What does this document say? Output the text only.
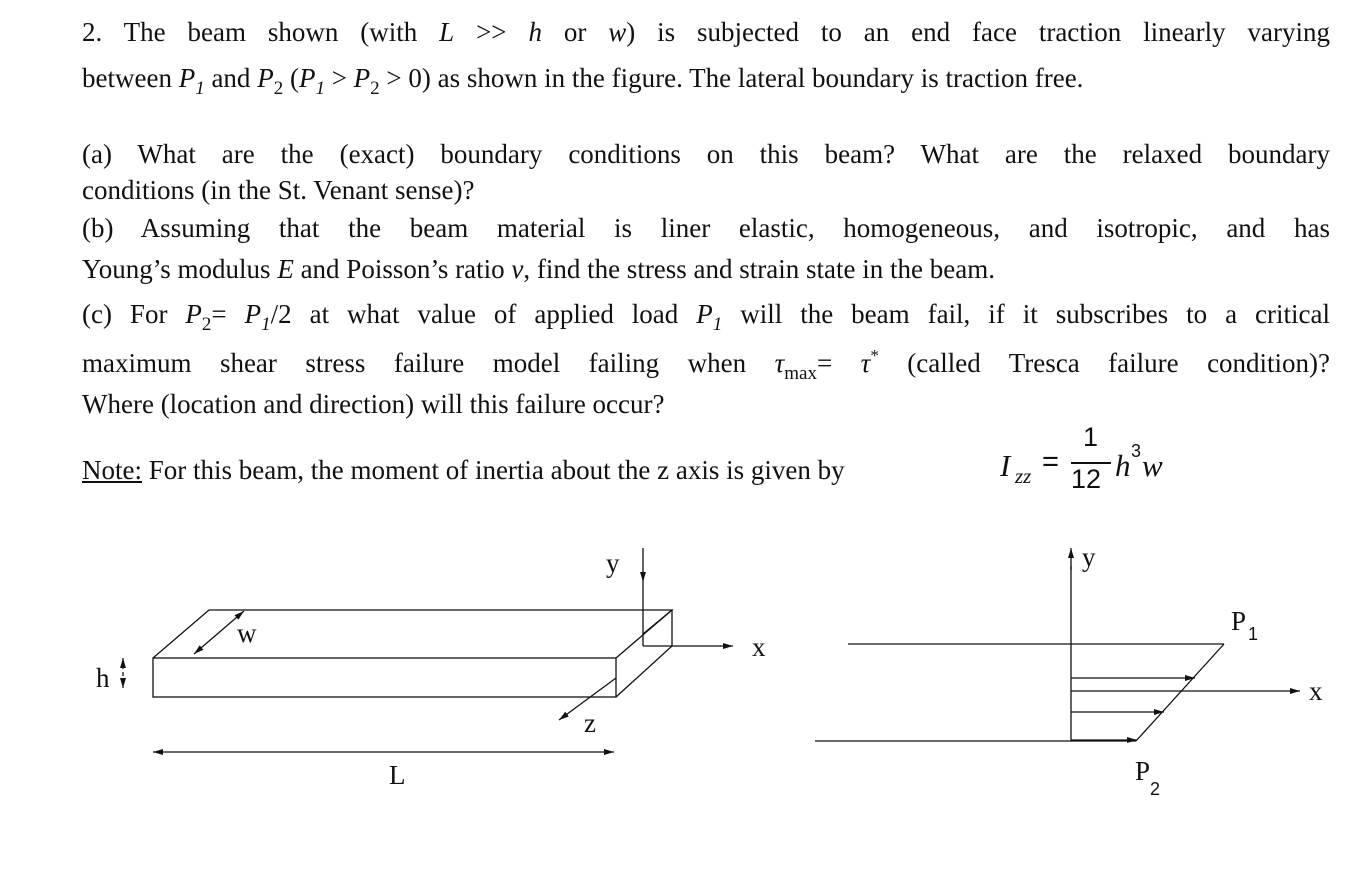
2. The beam shown (with L >> h or w) is subjected to an end face traction linearly varying
between $P_1$ and $P_2$ $(P_1 > P_2 > 0)$ as shown in the figure. The lateral boundary is traction free.
(a) What are the (exact) boundary conditions on this beam? What are the relaxed boundary
conditions (in the St. Venant sense)?
(b) Assuming that the beam material is liner elastic, homogeneous, and isotropic, and has
Young’s modulus E and Poisson’s ratio ν, find the stress and strain state in the beam.
(c) For $P_2= P_1/2$ at what value of applied load $P_1$ will the beam fail, if it subscribes to a critical
maximum shear stress failure model failing when $\tau_{max}= \tau^*$ (called Tresca failure condition)?
Where (location and direction) will this failure occur?
Note: For this beam, the moment of inertia about the z axis is given by	I zz =
1
12 h 3 w
y
x
z
w
h
L
y
x
P 1
P
2
